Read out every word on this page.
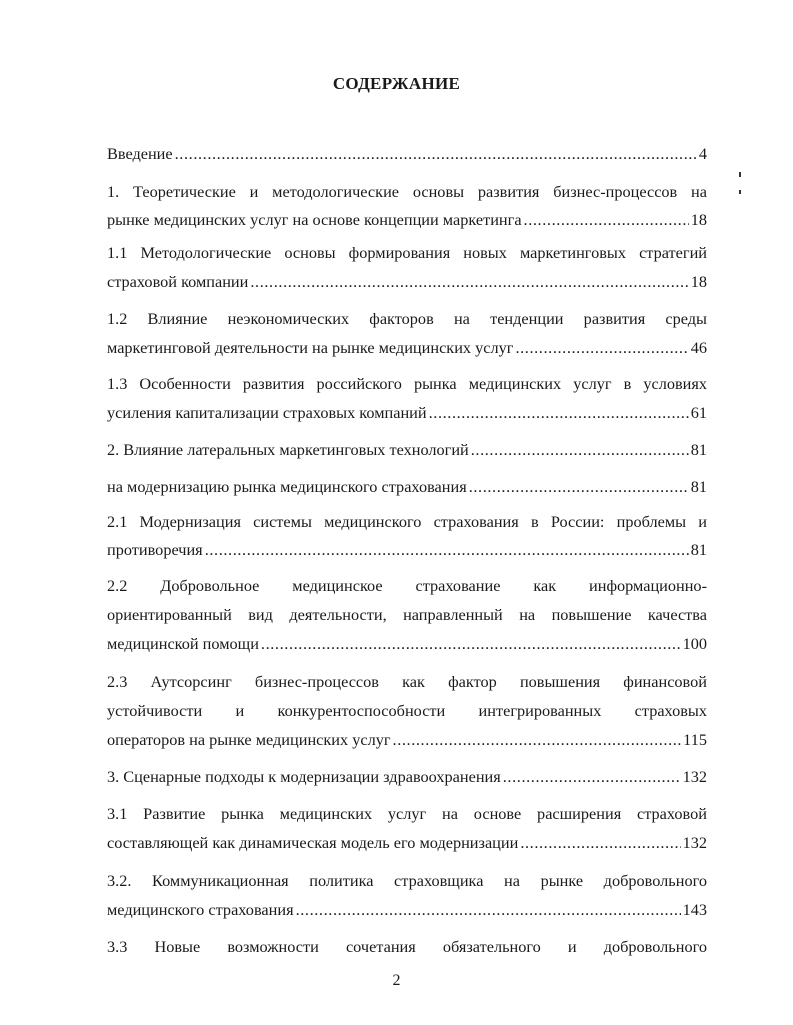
СОДЕРЖАНИЕ
Введение .....	4
1. Теоретические и методологические основы развития бизнес-процессов на
рынке медицинских услуг на основе концепции маркетинга .....	18
1.1 Методологические основы формирования новых маркетинговых стратегий
страховой компании .....	18
1.2 Влияние неэкономических факторов на тенденции развития среды
маркетинговой деятельности на рынке медицинских услуг .....	46
1.3 Особенности развития российского рынка медицинских услуг в условиях
усиления капитализации страховых компаний .....	61
2. Влияние латеральных маркетинговых технологий .....	81
на модернизацию рынка медицинского страхования .....	81
2.1 Модернизация системы медицинского страхования в России: проблемы и
противоречия .....	81
2.2 Добровольное медицинское страхование как информационно-
ориентированный вид деятельности, направленный на повышение качества
медицинской помощи .....	100
2.3 Аутсорсинг бизнес-процессов как фактор повышения финансовой
устойчивости и конкурентоспособности интегрированных страховых
операторов на рынке медицинских услуг .....	115
3. Сценарные подходы к модернизации здравоохранения .....	132
3.1 Развитие рынка медицинских услуг на основе расширения страховой
составляющей как динамическая модель его модернизации .....	132
3.2. Коммуникационная политика страховщика на рынке добровольного
медицинского страхования .....	143
3.3 Новые возможности сочетания обязательного и добровольного
2
